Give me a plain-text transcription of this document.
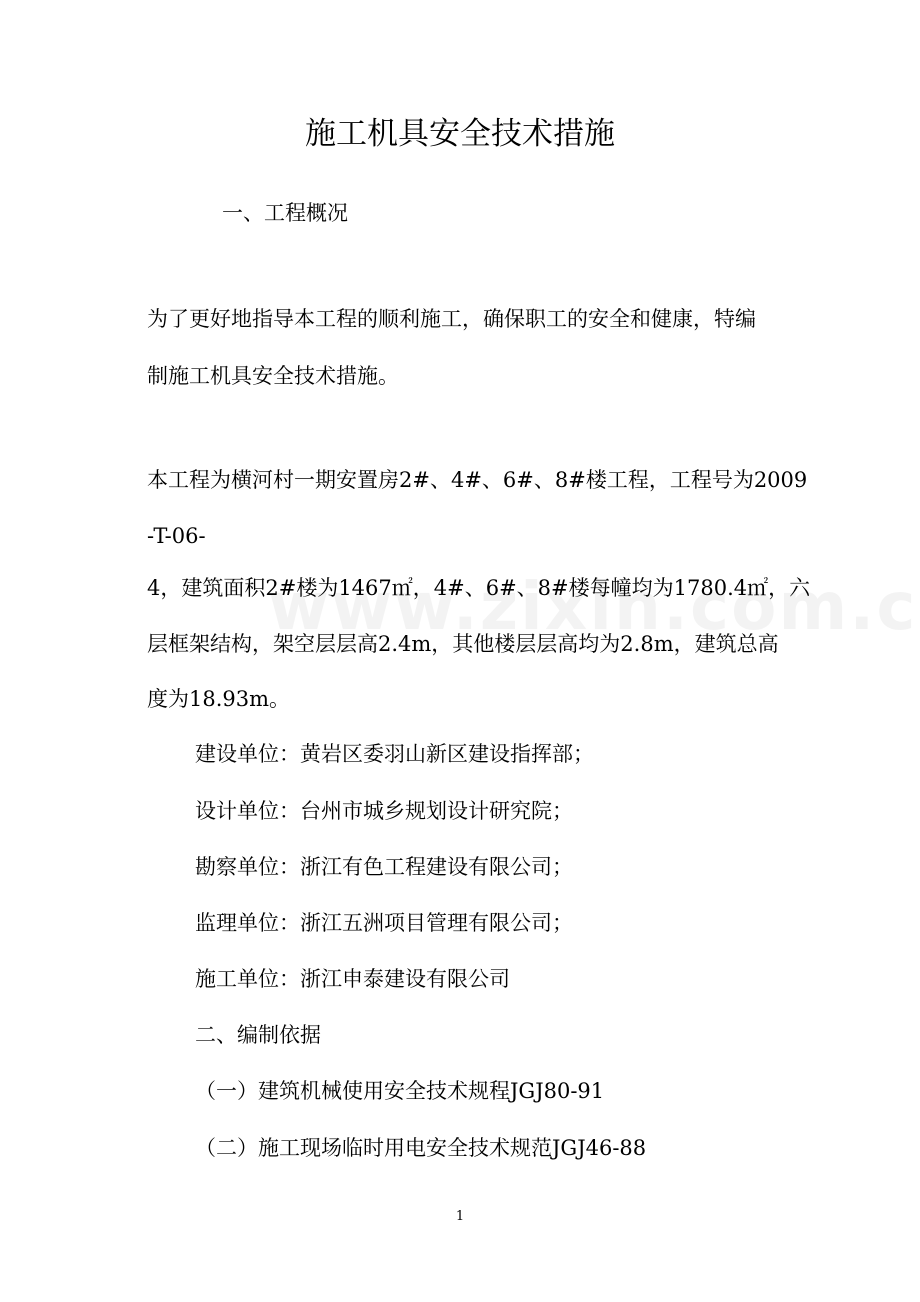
施工机具安全技术措施

一、工程概况

为了更好地指导本工程的顺利施工，确保职工的安全和健康，特编

制施工机具安全技术措施。

本工程为横河村一期安置房2#、4#、6#、8#楼工程，工程号为2009

-T-06-

4，建筑面积2#楼为1467㎡，4#、6#、8#楼每幢均为1780.4㎡，六

层框架结构，架空层层高2.4m，其他楼层层高均为2.8m，建筑总高

度为18.93m。

建设单位：黄岩区委羽山新区建设指挥部；

设计单位：台州市城乡规划设计研究院；

勘察单位：浙江有色工程建设有限公司；

监理单位：浙江五洲项目管理有限公司；

施工单位：浙江申泰建设有限公司

二、编制依据

（一）建筑机械使用安全技术规程JGJ80-91

（二）施工现场临时用电安全技术规范JGJ46-88

1
